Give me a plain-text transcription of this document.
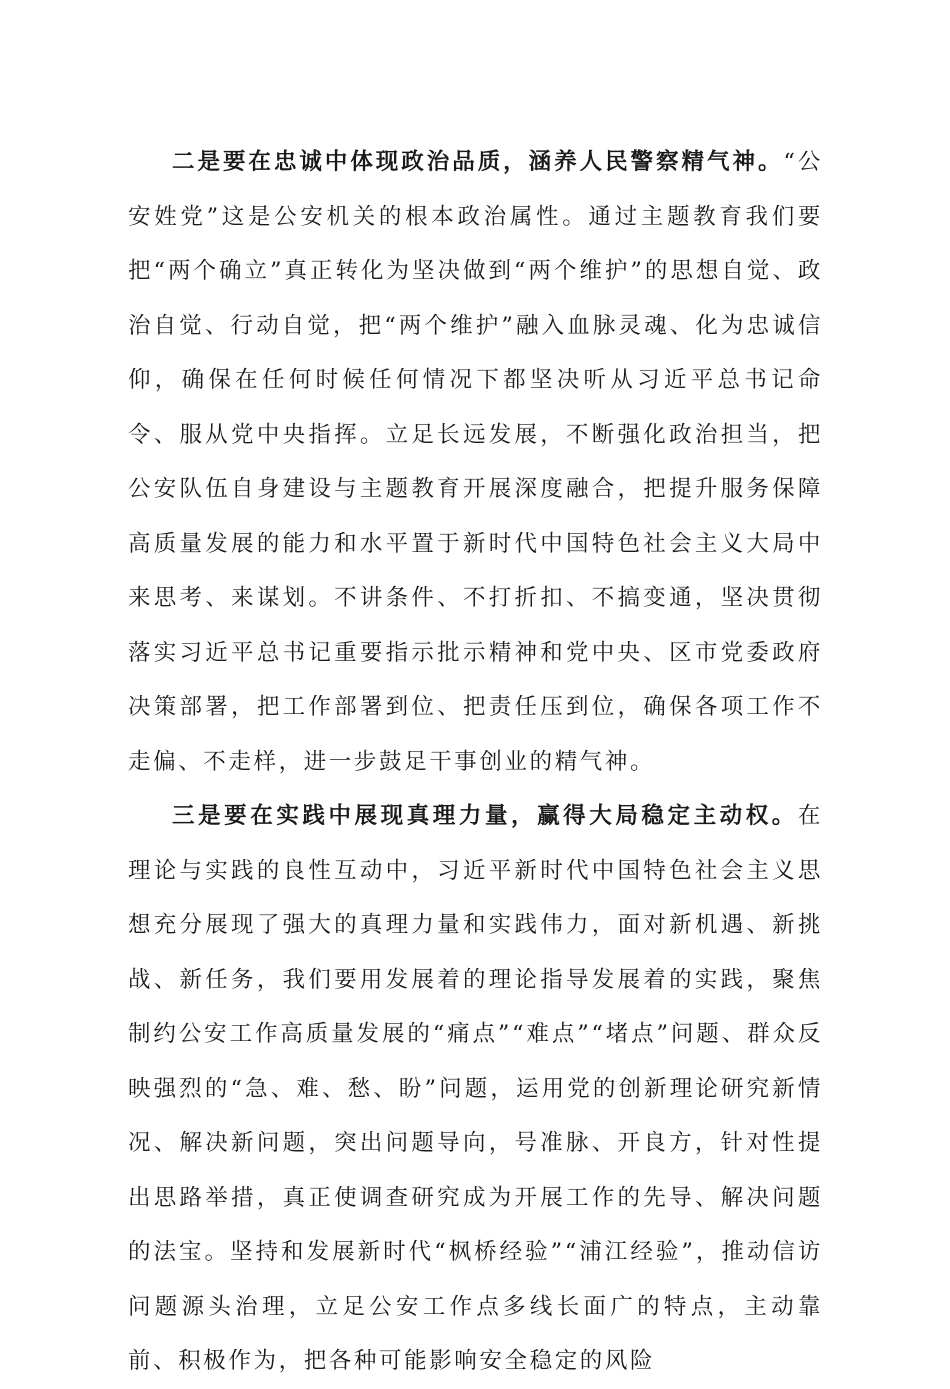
二是要在忠诚中体现政治品质，涵养人民警察精气神。“公安姓党”这是公安机关的根本政治属性。通过主题教育我们要把“两个确立”真正转化为坚决做到“两个维护”的思想自觉、政治自觉、行动自觉，把“两个维护”融入血脉灵魂、化为忠诚信仰，确保在任何时候任何情况下都坚决听从习近平总书记命令、服从党中央指挥。立足长远发展，不断强化政治担当，把公安队伍自身建设与主题教育开展深度融合，把提升服务保障高质量发展的能力和水平置于新时代中国特色社会主义大局中来思考、来谋划。不讲条件、不打折扣、不搞变通，坚决贯彻落实习近平总书记重要指示批示精神和党中央、区市党委政府决策部署，把工作部署到位、把责任压到位，确保各项工作不走偏、不走样，进一步鼓足干事创业的精气神。

三是要在实践中展现真理力量，赢得大局稳定主动权。在理论与实践的良性互动中，习近平新时代中国特色社会主义思想充分展现了强大的真理力量和实践伟力，面对新机遇、新挑战、新任务，我们要用发展着的理论指导发展着的实践，聚焦制约公安工作高质量发展的“痛点”“难点”“堵点”问题、群众反映强烈的“急、难、愁、盼”问题，运用党的创新理论研究新情况、解决新问题，突出问题导向，号准脉、开良方，针对性提出思路举措，真正使调查研究成为开展工作的先导、解决问题的法宝。坚持和发展新时代“枫桥经验”“浦江经验”，推动信访问题源头治理，立足公安工作点多线长面广的特点，主动靠前、积极作为，把各种可能影响安全稳定的风险
